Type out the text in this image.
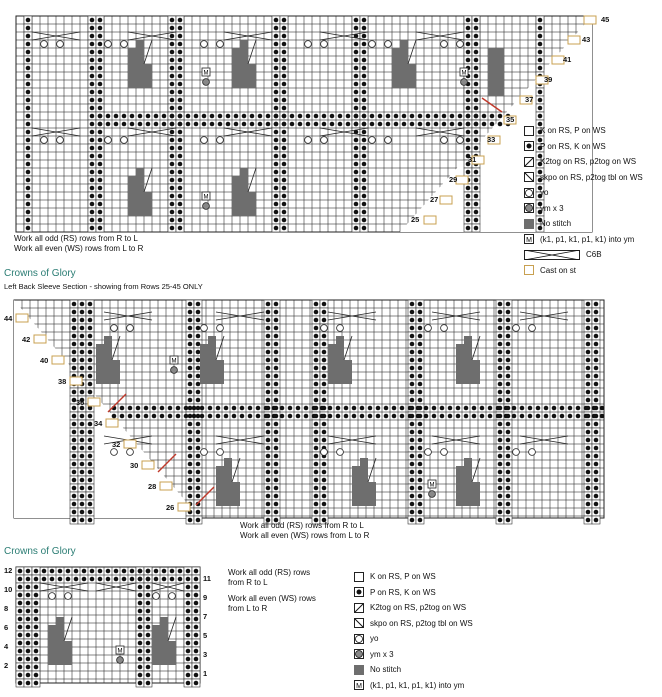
M	M
M
M
M
M
Work all odd (RS) rows from R to L
Work all even (WS) rows from L to R
45
43
41
39
37
35
33
31
29
27
25
K on RS, P on WS
P on RS, K on WS
K2tog on RS, p2tog on WS
skpo on RS, p2tog tbl on WS
yo
ym x 3
No stitch
M (k1, p1, k1, p1, k1) into ym
C6B
Cast on st
Crowns of Glory
Left Back Sleeve Section - showing from Rows 25-45 ONLY
Work all odd (RS) rows from R to L
Work all even (WS) rows from L to R
44
42
40
38
36
34
32
30
28
26
Crowns of Glory
Work all odd (RS) rows
from R to L
Work all even (WS) rows
from L to R
12
10
8
6
4
2
11
9
7
5
3
1
K on RS, P on WS
P on RS, K on WS
K2tog on RS, p2tog on WS
skpo on RS, p2tog tbl on WS
yo
ym x 3
No stitch
M (k1, p1, k1, p1, k1) into ym
